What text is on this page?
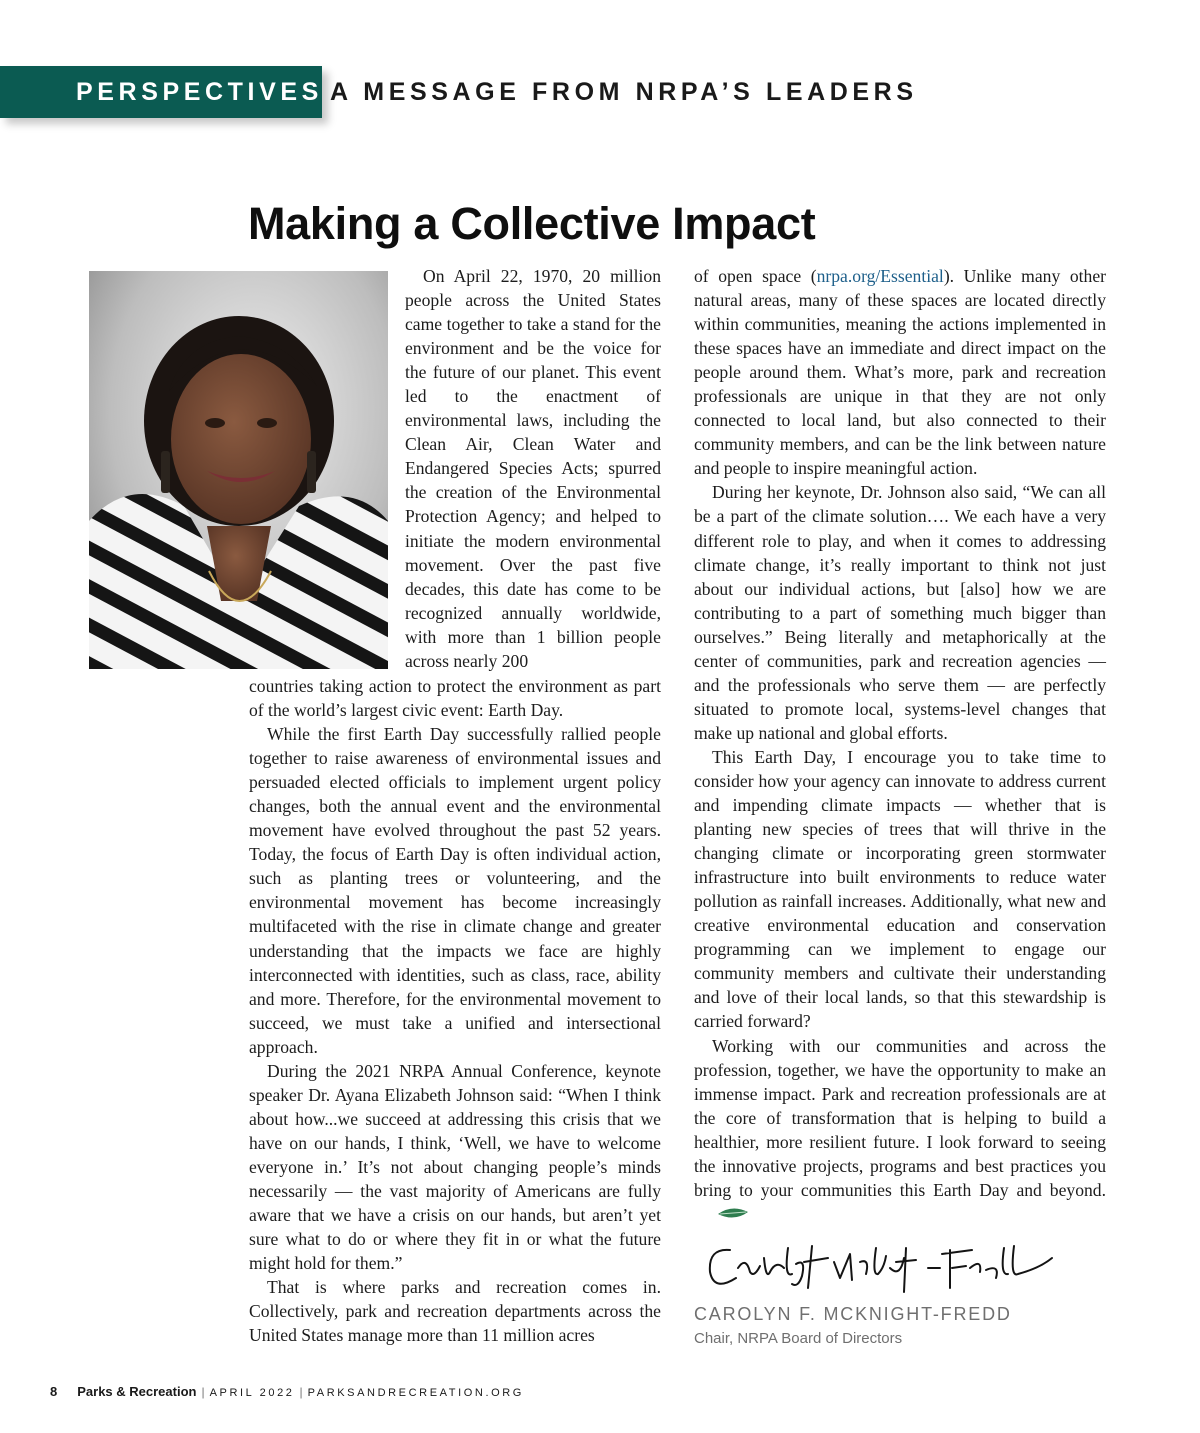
PERSPECTIVES A MESSAGE FROM NRPA’S LEADERS
Making a Collective Impact

On April 22, 1970, 20 million people across the United States came together to take a stand for the environment and be the voice for the future of our planet. This event led to the enactment of environmental laws, including the Clean Air, Clean Water and Endangered Species Acts; spurred the creation of the Environmental Protection Agency; and helped to initiate the modern environmental movement. Over the past five decades, this date has come to be recognized annually worldwide, with more than 1 billion people across nearly 200

countries taking action to protect the environment as part of the world’s largest civic event: Earth Day.

While the first Earth Day successfully rallied people together to raise awareness of environmental issues and persuaded elected officials to implement urgent policy changes, both the annual event and the environmental movement have evolved throughout the past 52 years. Today, the focus of Earth Day is often individual action, such as planting trees or volunteering, and the environmental movement has become increasingly multifaceted with the rise in climate change and greater understanding that the impacts we face are highly interconnected with identities, such as class, race, ability and more. Therefore, for the environmental movement to succeed, we must take a unified and intersectional approach.

During the 2021 NRPA Annual Conference, keynote speaker Dr. Ayana Elizabeth Johnson said: “When I think about how...we succeed at addressing this crisis that we have on our hands, I think, ‘Well, we have to welcome everyone in.’ It’s not about changing people’s minds necessarily — the vast majority of Americans are fully aware that we have a crisis on our hands, but aren’t yet sure what to do or where they fit in or what the future might hold for them.”

That is where parks and recreation comes in. Collectively, park and recreation departments across the United States manage more than 11 million acres

of open space (nrpa.org/Essential). Unlike many other natural areas, many of these spaces are located directly within communities, meaning the actions implemented in these spaces have an immediate and direct impact on the people around them. What’s more, park and recreation professionals are unique in that they are not only connected to local land, but also connected to their community members, and can be the link between nature and people to inspire meaningful action.

During her keynote, Dr. Johnson also said, “We can all be a part of the climate solution…. We each have a very different role to play, and when it comes to addressing climate change, it’s really important to think not just about our individual actions, but [also] how we are contributing to a part of something much bigger than ourselves.” Being literally and metaphorically at the center of communities, park and recreation agencies — and the professionals who serve them — are perfectly situated to promote local, systems-level changes that make up national and global efforts.

This Earth Day, I encourage you to take time to consider how your agency can innovate to address current and impending climate impacts — whether that is planting new species of trees that will thrive in the changing climate or incorporating green stormwater infrastructure into built environments to reduce water pollution as rainfall increases. Additionally, what new and creative environmental education and conservation programming can we implement to engage our community members and cultivate their understanding and love of their local lands, so that this stewardship is carried forward?

Working with our communities and across the profession, together, we have the opportunity to make an immense impact. Park and recreation professionals are at the core of transformation that is helping to build a healthier, more resilient future. I look forward to seeing the innovative projects, programs and best practices you bring to your communities this Earth Day and beyond.

CAROLYN F. MCKNIGHT-FREDD
Chair, NRPA Board of Directors
8 Parks & Recreation | APRIL 2022 | PARKSANDRECREATION.ORG
